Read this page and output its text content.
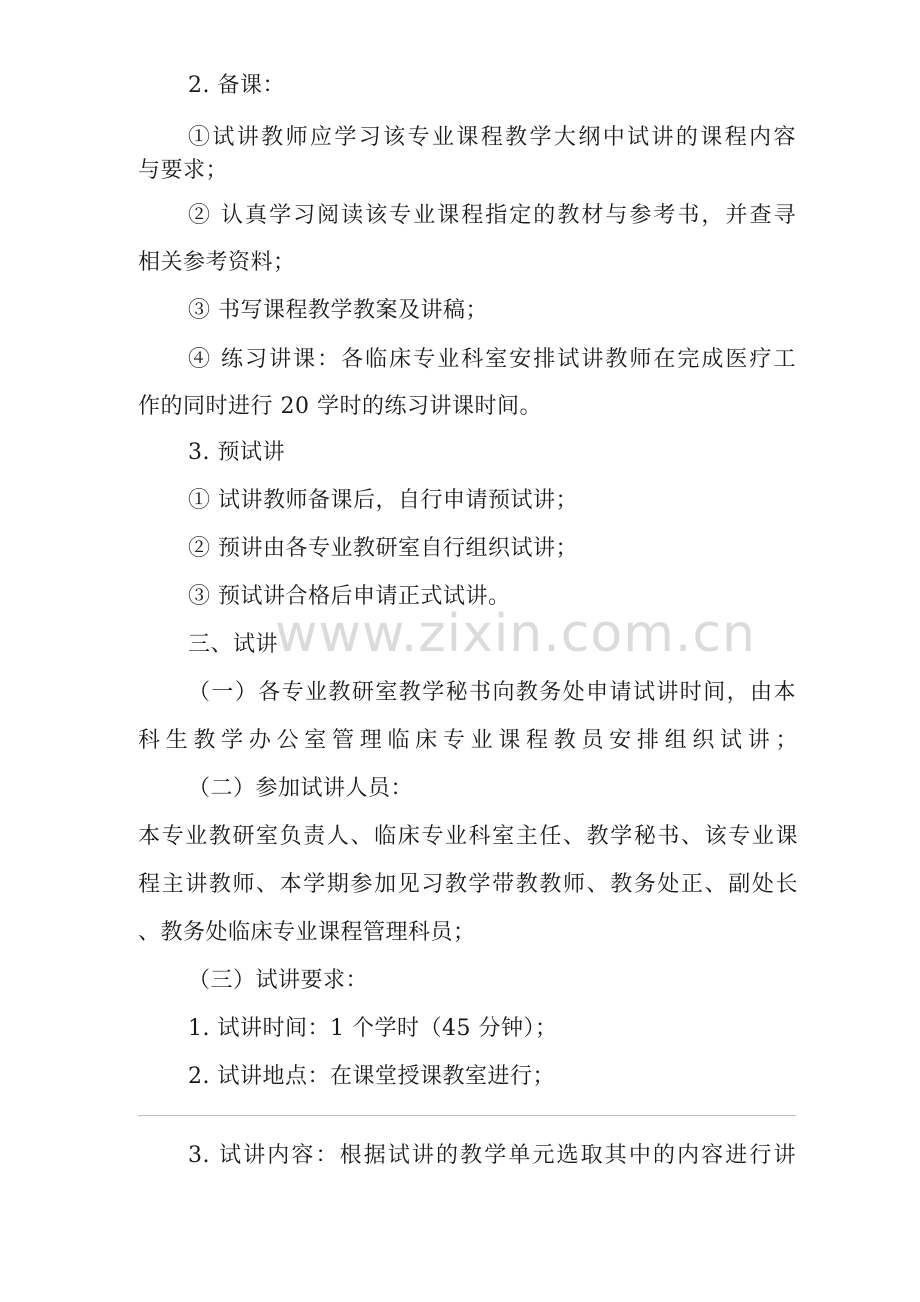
2. 备课：
①试讲教师应学习该专业课程教学大纲中试讲的课程内容
与要求；
② 认真学习阅读该专业课程指定的教材与参考书，并查寻
相关参考资料；
③ 书写课程教学教案及讲稿；
④ 练习讲课：各临床专业科室安排试讲教师在完成医疗工
作的同时进行 20 学时的练习讲课时间。
3. 预试讲
① 试讲教师备课后，自行申请预试讲；
② 预讲由各专业教研室自行组织试讲；
③ 预试讲合格后申请正式试讲。
三、试讲
（一）各专业教研室教学秘书向教务处申请试讲时间，由本
科生教学办公室管理临床专业课程教员安排组织试讲；
（二）参加试讲人员：
本专业教研室负责人、临床专业科室主任、教学秘书、该专业课
程主讲教师、本学期参加见习教学带教教师、教务处正、副处长
、教务处临床专业课程管理科员；
（三）试讲要求：
1. 试讲时间：1 个学时（45 分钟）；
2. 试讲地点：在课堂授课教室进行；
3. 试讲内容：根据试讲的教学单元选取其中的内容进行讲
www.zixin.com.cn
